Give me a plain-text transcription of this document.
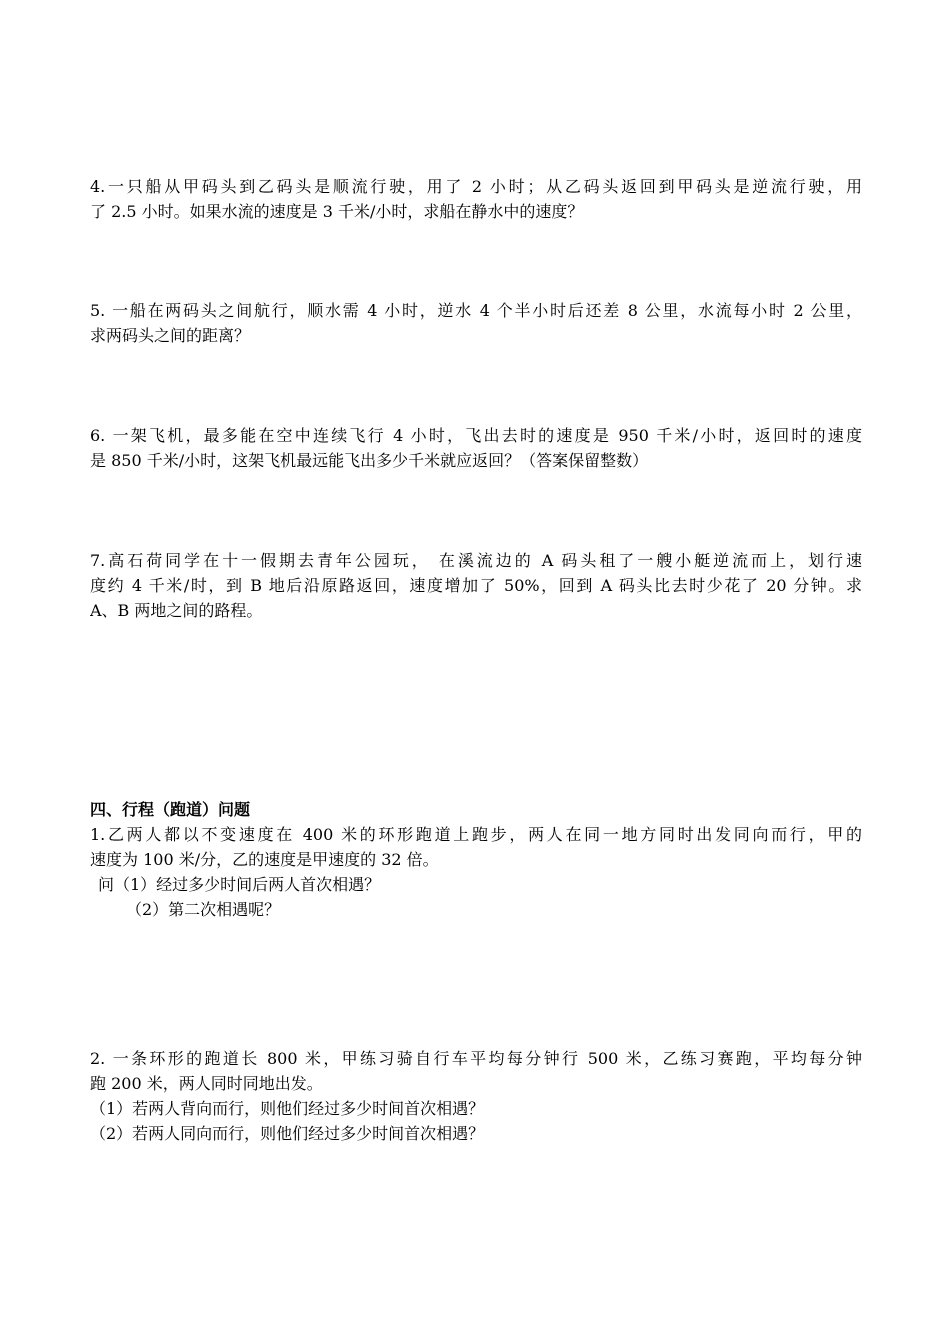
4.一只船从甲码头到乙码头是顺流行驶，用了 2 小时；从乙码头返回到甲码头是逆流行驶，用
了 2.5 小时。如果水流的速度是 3 千米/小时，求船在静水中的速度？
5. 一船在两码头之间航行，顺水需 4 小时，逆水 4 个半小时后还差 8 公里，水流每小时 2 公里，
求两码头之间的距离？
6. 一架飞机，最多能在空中连续飞行 4 小时，飞出去时的速度是 950 千米/小时，返回时的速度
是 850 千米/小时，这架飞机最远能飞出多少千米就应返回？（答案保留整数）
7.高石荷同学在十一假期去青年公园玩， 在溪流边的 A 码头租了一艘小艇逆流而上，划行速
度约 4 千米/时，到 B 地后沿原路返回，速度增加了 50%，回到 A 码头比去时少花了 20 分钟。求
A、B 两地之间的路程。
四、行程（跑道）问题
1.乙两人都以不变速度在 400 米的环形跑道上跑步，两人在同一地方同时出发同向而行，甲的
速度为 100 米/分，乙的速度是甲速度的 32 倍。
问（1）经过多少时间后两人首次相遇？
（2）第二次相遇呢？
2. 一条环形的跑道长 800 米，甲练习骑自行车平均每分钟行 500 米，乙练习赛跑，平均每分钟
跑 200 米，两人同时同地出发。
（1）若两人背向而行，则他们经过多少时间首次相遇？
（2）若两人同向而行，则他们经过多少时间首次相遇？
